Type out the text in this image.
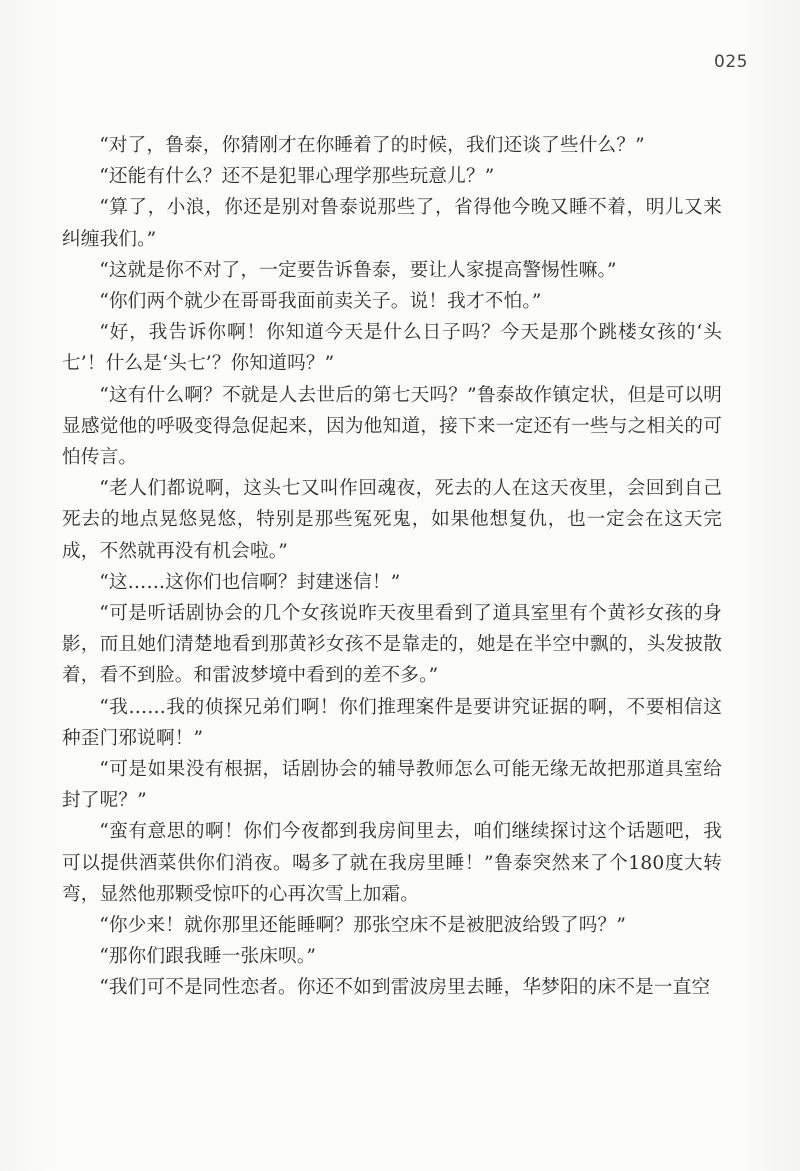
025

“对了，鲁泰，你猜刚才在你睡着了的时候，我们还谈了些什么？”

“还能有什么？还不是犯罪心理学那些玩意儿？”

“算了，小浪，你还是别对鲁泰说那些了，省得他今晚又睡不着，明儿又来纠缠我们。”

“这就是你不对了，一定要告诉鲁泰，要让人家提高警惕性嘛。”

“你们两个就少在哥哥我面前卖关子。说！我才不怕。”

“好，我告诉你啊！你知道今天是什么日子吗？今天是那个跳楼女孩的‘头七’！什么是‘头七’？你知道吗？”

“这有什么啊？不就是人去世后的第七天吗？”鲁泰故作镇定状，但是可以明显感觉他的呼吸变得急促起来，因为他知道，接下来一定还有一些与之相关的可怕传言。

“老人们都说啊，这头七又叫作回魂夜，死去的人在这天夜里，会回到自己死去的地点晃悠晃悠，特别是那些冤死鬼，如果他想复仇，也一定会在这天完成，不然就再没有机会啦。”

“这……这你们也信啊？封建迷信！”

“可是听话剧协会的几个女孩说昨天夜里看到了道具室里有个黄衫女孩的身影，而且她们清楚地看到那黄衫女孩不是靠走的，她是在半空中飘的，头发披散着，看不到脸。和雷波梦境中看到的差不多。”

“我……我的侦探兄弟们啊！你们推理案件是要讲究证据的啊，不要相信这种歪门邪说啊！”

“可是如果没有根据，话剧协会的辅导教师怎么可能无缘无故把那道具室给封了呢？”

“蛮有意思的啊！你们今夜都到我房间里去，咱们继续探讨这个话题吧，我可以提供酒菜供你们消夜。喝多了就在我房里睡！”鲁泰突然来了个180度大转弯，显然他那颗受惊吓的心再次雪上加霜。

“你少来！就你那里还能睡啊？那张空床不是被肥波给毁了吗？”

“那你们跟我睡一张床呗。”

“我们可不是同性恋者。你还不如到雷波房里去睡，华梦阳的床不是一直空
